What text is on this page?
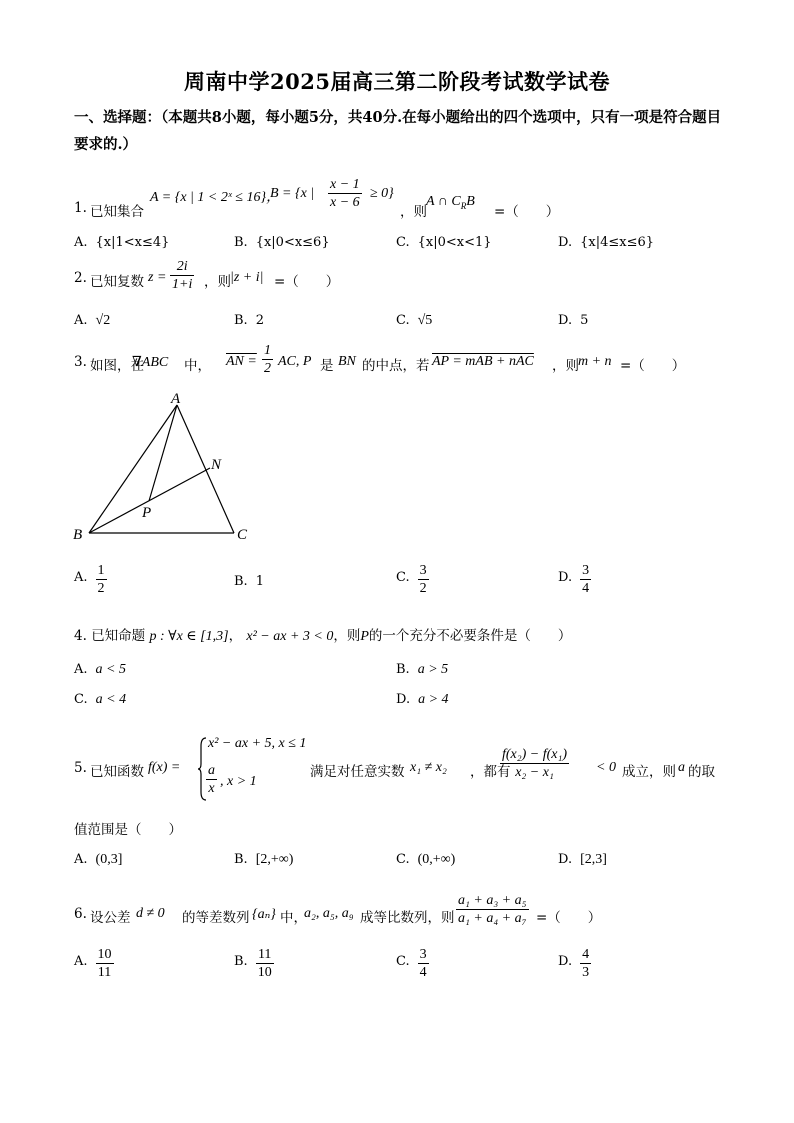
周南中学2025届高三第二阶段考试数学试卷
一、选择题：（本题共8小题，每小题5分，共40分.在每小题给出的四个选项中，只有一项是符合题目要求的.）
1. 已知集合
A = {x | 1 < 2ˣ ≤ 16}，
B = {x | $\frac{x - 1}{x - 6} \ge 0$}
，则
A ∩ $C_RB$
=（　　）
A. {x|1<x≤4}	B. {x|0<x≤6}	C. {x|0<x<1}	D. {x|4≤x≤6}
2. 已知复数 $z = \frac{2i}{1+i}$ ，则 |z + i| =（　　）
A. √2	B. 2	C. √5	D. 5
3. 如图，在
∇ABC 中， AN = $\frac{1}{2}$ AC, P 是 BN 的中点，若 AP = mAB + nAC ，则 m + n =（　　）
A
B	C
N
P
A. $\frac{1}{2}$	B. 1	C. $\frac{3}{2}$	D. $\frac{3}{4}$
4. 已知命题 p : ∀x ∈ [1,3]， x² − ax + 3 < 0，则P的一个充分不必要条件是（　　）
A. a < 5	B. a > 5
C. a < 4	D. a > 4
5. 已知函数 f(x) =
x² − ax + 5, x ≤ 1
$\frac{a}{x}$ , x > 1
满足对任意实数 x₁ ≠ x₂ ，都有
$\frac{\text{f(x₂) − f(x₁)}}{\text{x₂ − x₁}} < 0$ 成立，则 a 的取
值范围是（　　）
A. (0,3]	B. [2,+∞)	C. (0,+∞)	D. [2,3]
6. 设公差 d ≠ 0 的等差数列 {aₙ} 中，
a₂, a₅, a₉ 成等比数列，则 $\frac{\text{a₁ + a₃ + a₅}}{\text{a₁ + a₄ + a₇}}$ =（　　）
A. $\frac{10}{11}$	B. $\frac{11}{10}$	C. $\frac{3}{4}$	D. $\frac{4}{3}$
